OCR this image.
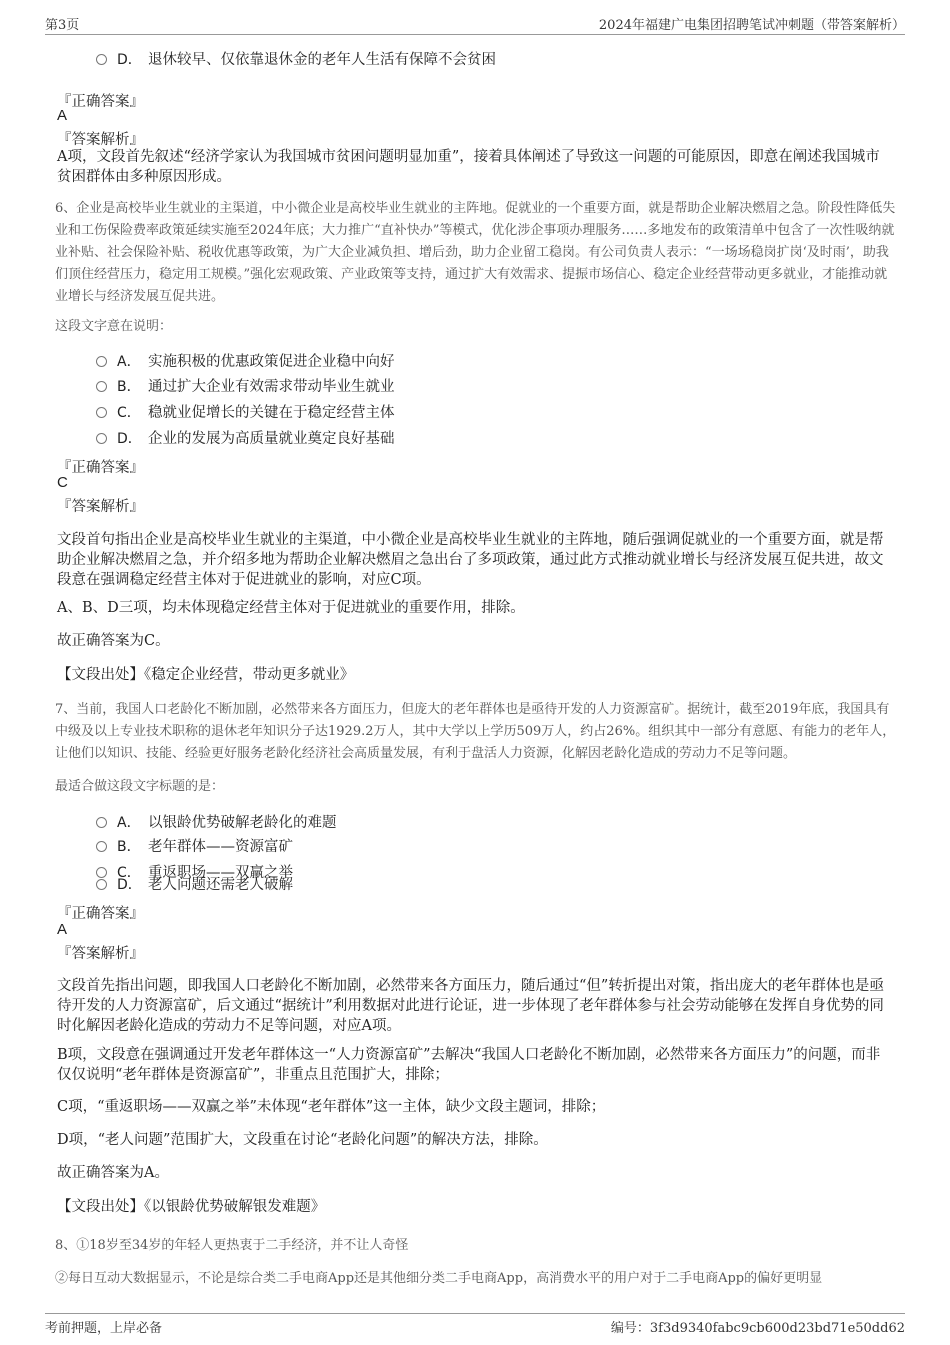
第3页	2024年福建广电集团招聘笔试冲刺题（带答案解析）
D． 退休较早、仅依靠退休金的老年人生活有保障不会贫困
『正确答案』
A
『答案解析』
A项，文段首先叙述“经济学家认为我国城市贫困问题明显加重”，接着具体阐述了导致这一问题的可能原因，即意在阐述我国城市贫困群体由多种原因形成。
6、企业是高校毕业生就业的主渠道，中小微企业是高校毕业生就业的主阵地。促就业的一个重要方面，就是帮助企业解决燃眉之急。阶段性降低失业和工伤保险费率政策延续实施至2024年底；大力推广“直补快办”等模式，优化涉企事项办理服务……多地发布的政策清单中包含了一次性吸纳就业补贴、社会保险补贴、税收优惠等政策，为广大企业减负担、增后劲，助力企业留工稳岗。有公司负责人表示：“一场场稳岗扩岗‘及时雨’，助我们顶住经营压力，稳定用工规模。”强化宏观政策、产业政策等支持，通过扩大有效需求、提振市场信心、稳定企业经营带动更多就业，才能推动就业增长与经济发展互促共进。
这段文字意在说明：
A． 实施积极的优惠政策促进企业稳中向好
B． 通过扩大企业有效需求带动毕业生就业
C． 稳就业促增长的关键在于稳定经营主体
D． 企业的发展为高质量就业奠定良好基础
『正确答案』
C
『答案解析』
文段首句指出企业是高校毕业生就业的主渠道，中小微企业是高校毕业生就业的主阵地，随后强调促就业的一个重要方面，就是帮助企业解决燃眉之急，并介绍多地为帮助企业解决燃眉之急出台了多项政策，通过此方式推动就业增长与经济发展互促共进，故文段意在强调稳定经营主体对于促进就业的影响，对应C项。
A、B、D三项，均未体现稳定经营主体对于促进就业的重要作用，排除。
故正确答案为C。
【文段出处】《稳定企业经营，带动更多就业》
7、当前，我国人口老龄化不断加剧，必然带来各方面压力，但庞大的老年群体也是亟待开发的人力资源富矿。据统计，截至2019年底，我国具有中级及以上专业技术职称的退休老年知识分子达1929.2万人，其中大学以上学历509万人，约占26%。组织其中一部分有意愿、有能力的老年人，让他们以知识、技能、经验更好服务老龄化经济社会高质量发展，有利于盘活人力资源，化解因老龄化造成的劳动力不足等问题。
最适合做这段文字标题的是：
A． 以银龄优势破解老龄化的难题
B． 老年群体——资源富矿
C． 重返职场——双赢之举
D． 老人问题还需老人破解
『正确答案』
A
『答案解析』
文段首先指出问题，即我国人口老龄化不断加剧，必然带来各方面压力，随后通过“但”转折提出对策，指出庞大的老年群体也是亟待开发的人力资源富矿，后文通过“据统计”利用数据对此进行论证，进一步体现了老年群体参与社会劳动能够在发挥自身优势的同时化解因老龄化造成的劳动力不足等问题，对应A项。
B项，文段意在强调通过开发老年群体这一“人力资源富矿”去解决“我国人口老龄化不断加剧，必然带来各方面压力”的问题，而非仅仅说明“老年群体是资源富矿”，非重点且范围扩大，排除；
C项，“重返职场——双赢之举”未体现“老年群体”这一主体，缺少文段主题词，排除；
D项，“老人问题”范围扩大，文段重在讨论“老龄化问题”的解决方法，排除。
故正确答案为A。
【文段出处】《以银龄优势破解银发难题》
8、①18岁至34岁的年轻人更热衷于二手经济，并不让人奇怪
②每日互动大数据显示，不论是综合类二手电商App还是其他细分类二手电商App，高消费水平的用户对于二手电商App的偏好更明显
考前押题，上岸必备	编号：3f3d9340fabc9cb600d23bd71e50dd62
